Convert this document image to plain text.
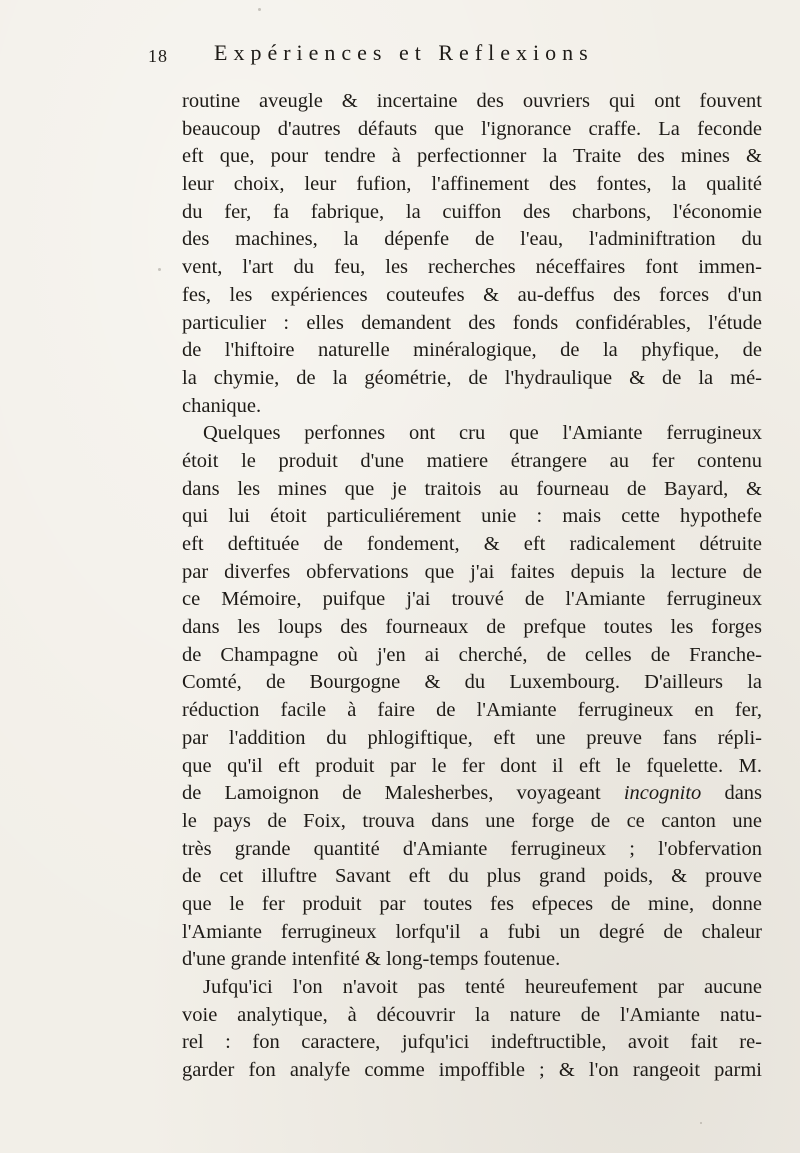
18 Expériences et Reflexions
routine aveugle & incertaine des ouvriers qui ont fouvent
beaucoup d'autres défauts que l'ignorance craffe. La feconde
eft que, pour tendre à perfectionner la Traite des mines &
leur choix, leur fufion, l'affinement des fontes, la qualité
du fer, fa fabrique, la cuiffon des charbons, l'économie
des machines, la dépenfe de l'eau, l'adminiftration du
vent, l'art du feu, les recherches néceffaires font immen-
fes, les expériences couteufes & au-deffus des forces d'un
particulier : elles demandent des fonds confidérables, l'étude
de l'hiftoire naturelle minéralogique, de la phyfique, de
la chymie, de la géométrie, de l'hydraulique & de la mé-
chanique.
Quelques perfonnes ont cru que l'Amiante ferrugineux
étoit le produit d'une matiere étrangere au fer contenu
dans les mines que je traitois au fourneau de Bayard, &
qui lui étoit particuliérement unie : mais cette hypothefe
eft deftituée de fondement, & eft radicalement détruite
par diverfes obfervations que j'ai faites depuis la lecture de
ce Mémoire, puifque j'ai trouvé de l'Amiante ferrugineux
dans les loups des fourneaux de prefque toutes les forges
de Champagne où j'en ai cherché, de celles de Franche-
Comté, de Bourgogne & du Luxembourg. D'ailleurs la
réduction facile à faire de l'Amiante ferrugineux en fer,
par l'addition du phlogiftique, eft une preuve fans répli-
que qu'il eft produit par le fer dont il eft le fquelette. M.
de Lamoignon de Malesherbes, voyageant incognito dans
le pays de Foix, trouva dans une forge de ce canton une
très grande quantité d'Amiante ferrugineux ; l'obfervation
de cet illuftre Savant eft du plus grand poids, & prouve
que le fer produit par toutes fes efpeces de mine, donne
l'Amiante ferrugineux lorfqu'il a fubi un degré de chaleur
d'une grande intenfité & long-temps foutenue.
Jufqu'ici l'on n'avoit pas tenté heureufement par aucune
voie analytique, à découvrir la nature de l'Amiante natu-
rel : fon caractere, jufqu'ici indeftructible, avoit fait re-
garder fon analyfe comme impoffible ; & l'on rangeoit parmi
